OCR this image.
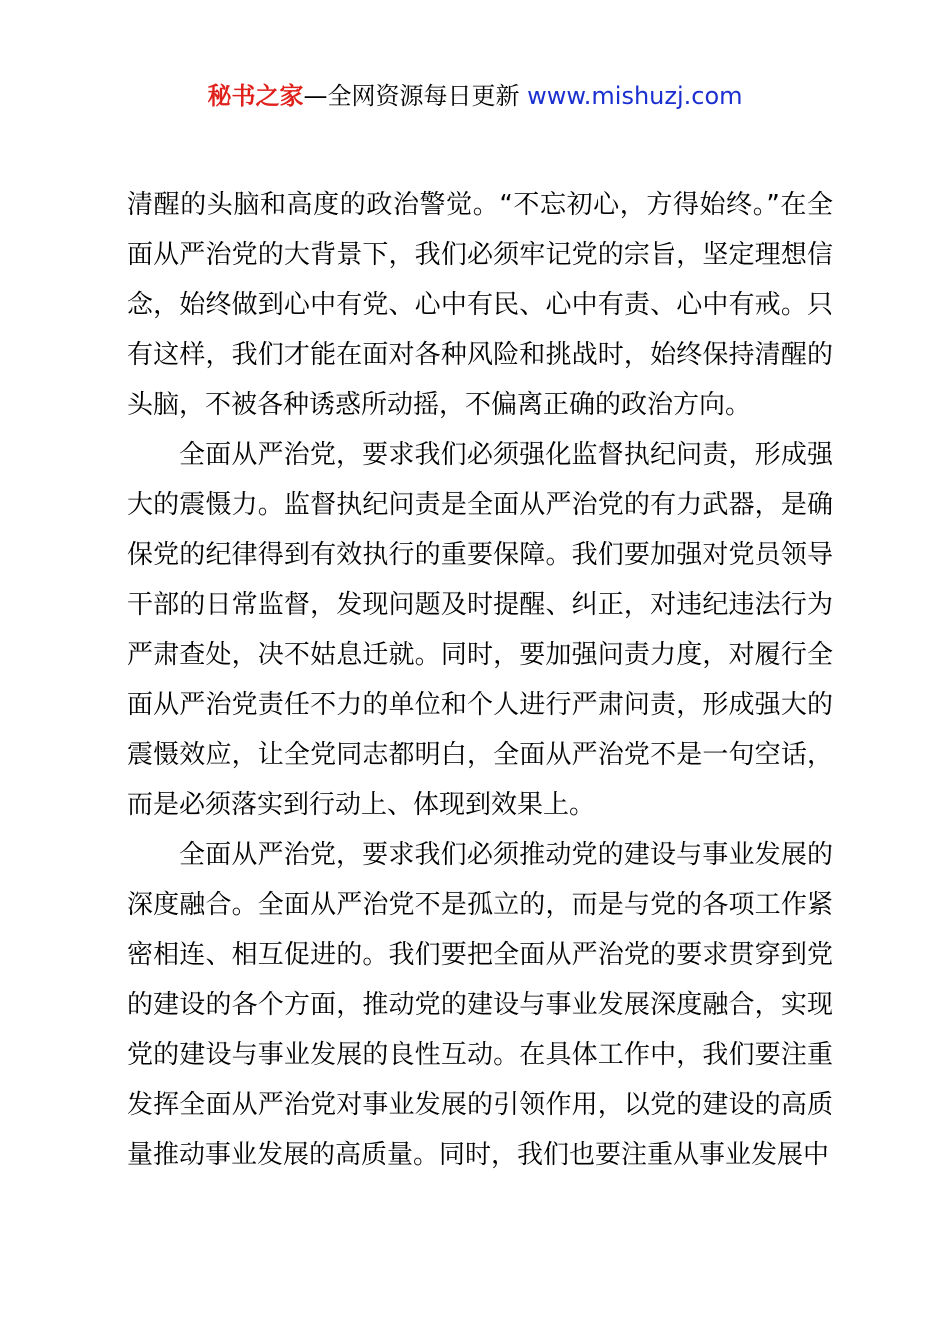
秘书之家—全网资源每日更新 www.mishuzj.com

清醒的头脑和高度的政治警觉。“不忘初心，方得始终。”在全面从严治党的大背景下，我们必须牢记党的宗旨，坚定理想信念，始终做到心中有党、心中有民、心中有责、心中有戒。只有这样，我们才能在面对各种风险和挑战时，始终保持清醒的头脑，不被各种诱惑所动摇，不偏离正确的政治方向。

全面从严治党，要求我们必须强化监督执纪问责，形成强大的震慑力。监督执纪问责是全面从严治党的有力武器，是确保党的纪律得到有效执行的重要保障。我们要加强对党员领导干部的日常监督，发现问题及时提醒、纠正，对违纪违法行为严肃查处，决不姑息迁就。同时，要加强问责力度，对履行全面从严治党责任不力的单位和个人进行严肃问责，形成强大的震慑效应，让全党同志都明白，全面从严治党不是一句空话，而是必须落实到行动上、体现到效果上。

全面从严治党，要求我们必须推动党的建设与事业发展的深度融合。全面从严治党不是孤立的，而是与党的各项工作紧密相连、相互促进的。我们要把全面从严治党的要求贯穿到党的建设的各个方面，推动党的建设与事业发展深度融合，实现党的建设与事业发展的良性互动。在具体工作中，我们要注重发挥全面从严治党对事业发展的引领作用，以党的建设的高质量推动事业发展的高质量。同时，我们也要注重从事业发展中
